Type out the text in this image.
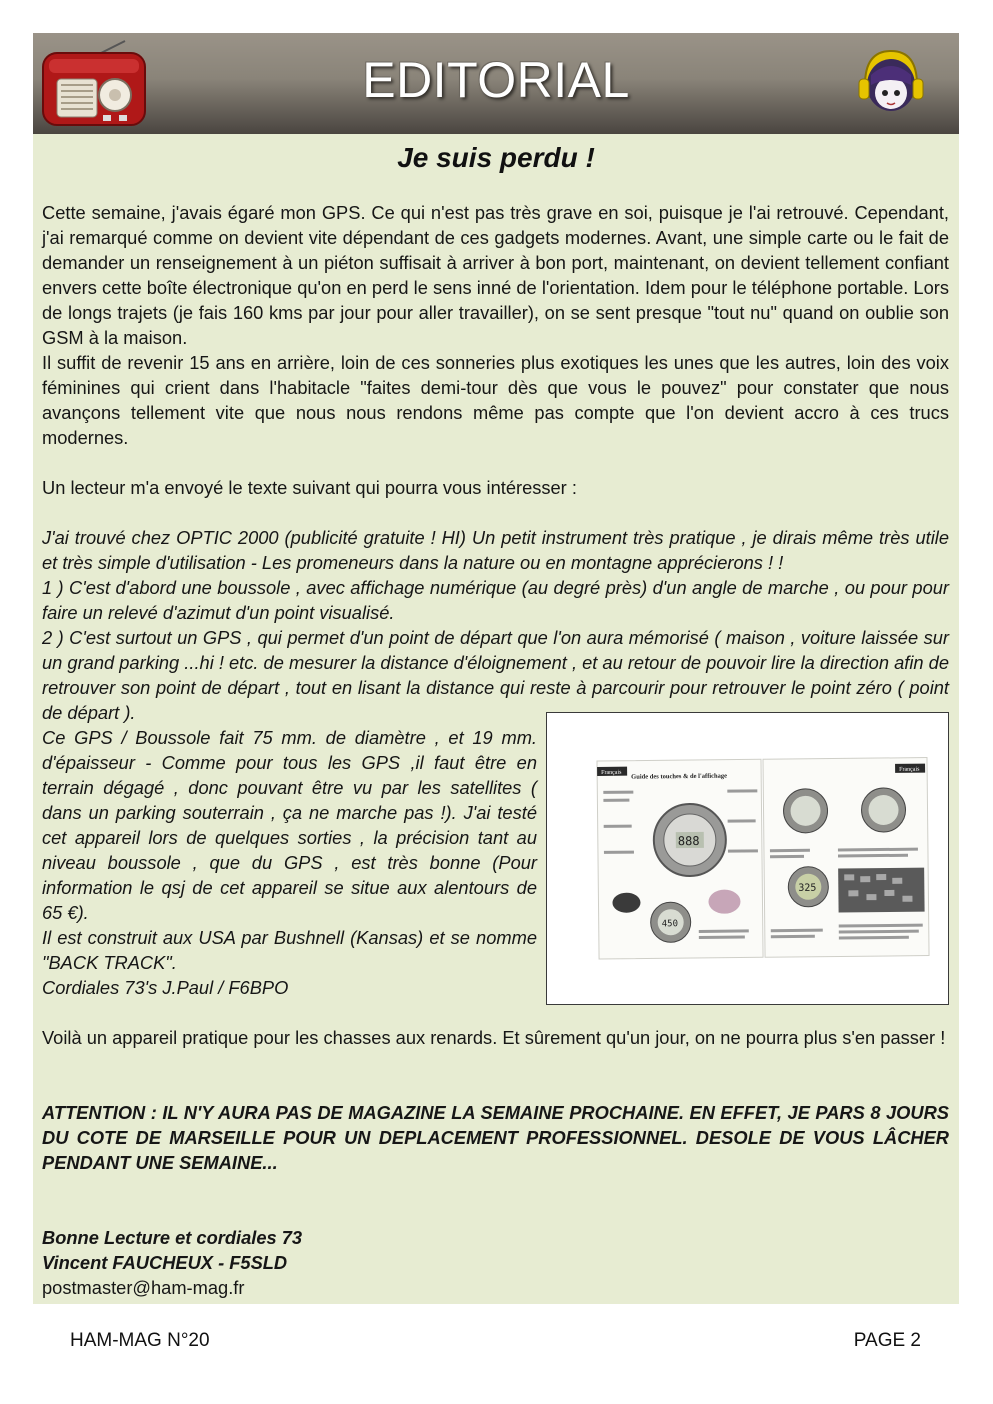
EDITORIAL
Je suis perdu !

Cette semaine, j'avais égaré mon GPS. Ce qui n'est pas très grave en soi, puisque je l'ai retrouvé. Cependant, j'ai remarqué comme on devient vite dépendant de ces gadgets modernes. Avant, une simple carte ou le fait de demander un renseignement à un piéton suffisait à arriver à bon port, maintenant, on devient tellement confiant envers cette boîte électronique qu'on en perd le sens inné de l'orientation. Idem pour le téléphone portable. Lors de longs trajets (je fais 160 kms par jour pour aller travailler), on se sent presque "tout nu" quand on oublie son GSM à la maison.

Il suffit de revenir 15 ans en arrière, loin de ces sonneries plus exotiques les unes que les autres, loin des voix féminines qui crient dans l'habitacle "faites demi-tour dès que vous le pouvez" pour constater que nous avançons tellement vite que nous nous rendons même pas compte que l'on devient accro à ces trucs modernes.

Un lecteur m'a envoyé le texte suivant qui pourra vous intéresser :

J'ai trouvé chez OPTIC 2000 (publicité gratuite ! HI) Un petit instrument très pratique , je dirais même très utile et très simple d'utilisation - Les promeneurs dans la nature ou en montagne apprécierons ! !

1 ) C'est d'abord une boussole , avec affichage numérique (au degré près) d'un angle de marche , ou pour pour faire un relevé d'azimut d'un point visualisé.

2 ) C'est surtout un GPS , qui permet d'un point de départ que l'on aura mémorisé ( maison , voiture laissée sur un grand parking ...hi ! etc. de mesurer la distance d'éloignement , et au retour de pouvoir lire la direction afin de retrouver son point de départ , tout en lisant la distance qui reste à parcourir pour retrouver le point zéro ( point de départ ).

Ce GPS / Boussole fait 75 mm. de diamètre , et 19 mm. d'épaisseur - Comme pour tous les GPS ,il faut être en terrain dégagé , donc pouvant être vu par les satellites ( dans un parking souterrain , ça ne marche pas !). J'ai testé cet appareil lors de quelques sorties , la précision tant au niveau boussole , que du GPS , est très bonne (Pour information le qsj de cet appareil se situe aux alentours de 65 €).

Il est construit aux USA par Bushnell (Kansas) et se nomme "BACK TRACK".

Cordiales 73's J.Paul / F6BPO

Français
Français
Guide des touches & de l'affichage
888
450
325

Voilà un appareil pratique pour les chasses aux renards. Et sûrement qu'un jour, on ne pourra plus s'en passer !

ATTENTION : IL N'Y AURA PAS DE MAGAZINE LA SEMAINE PROCHAINE. EN EFFET, JE PARS 8 JOURS DU COTE DE MARSEILLE POUR UN DEPLACEMENT PROFESSIONNEL. DESOLE DE VOUS LÂCHER PENDANT UNE SEMAINE...

Bonne Lecture et cordiales 73

Vincent FAUCHEUX - F5SLD

postmaster@ham-mag.fr

HAM-MAG N°20	PAGE 2
